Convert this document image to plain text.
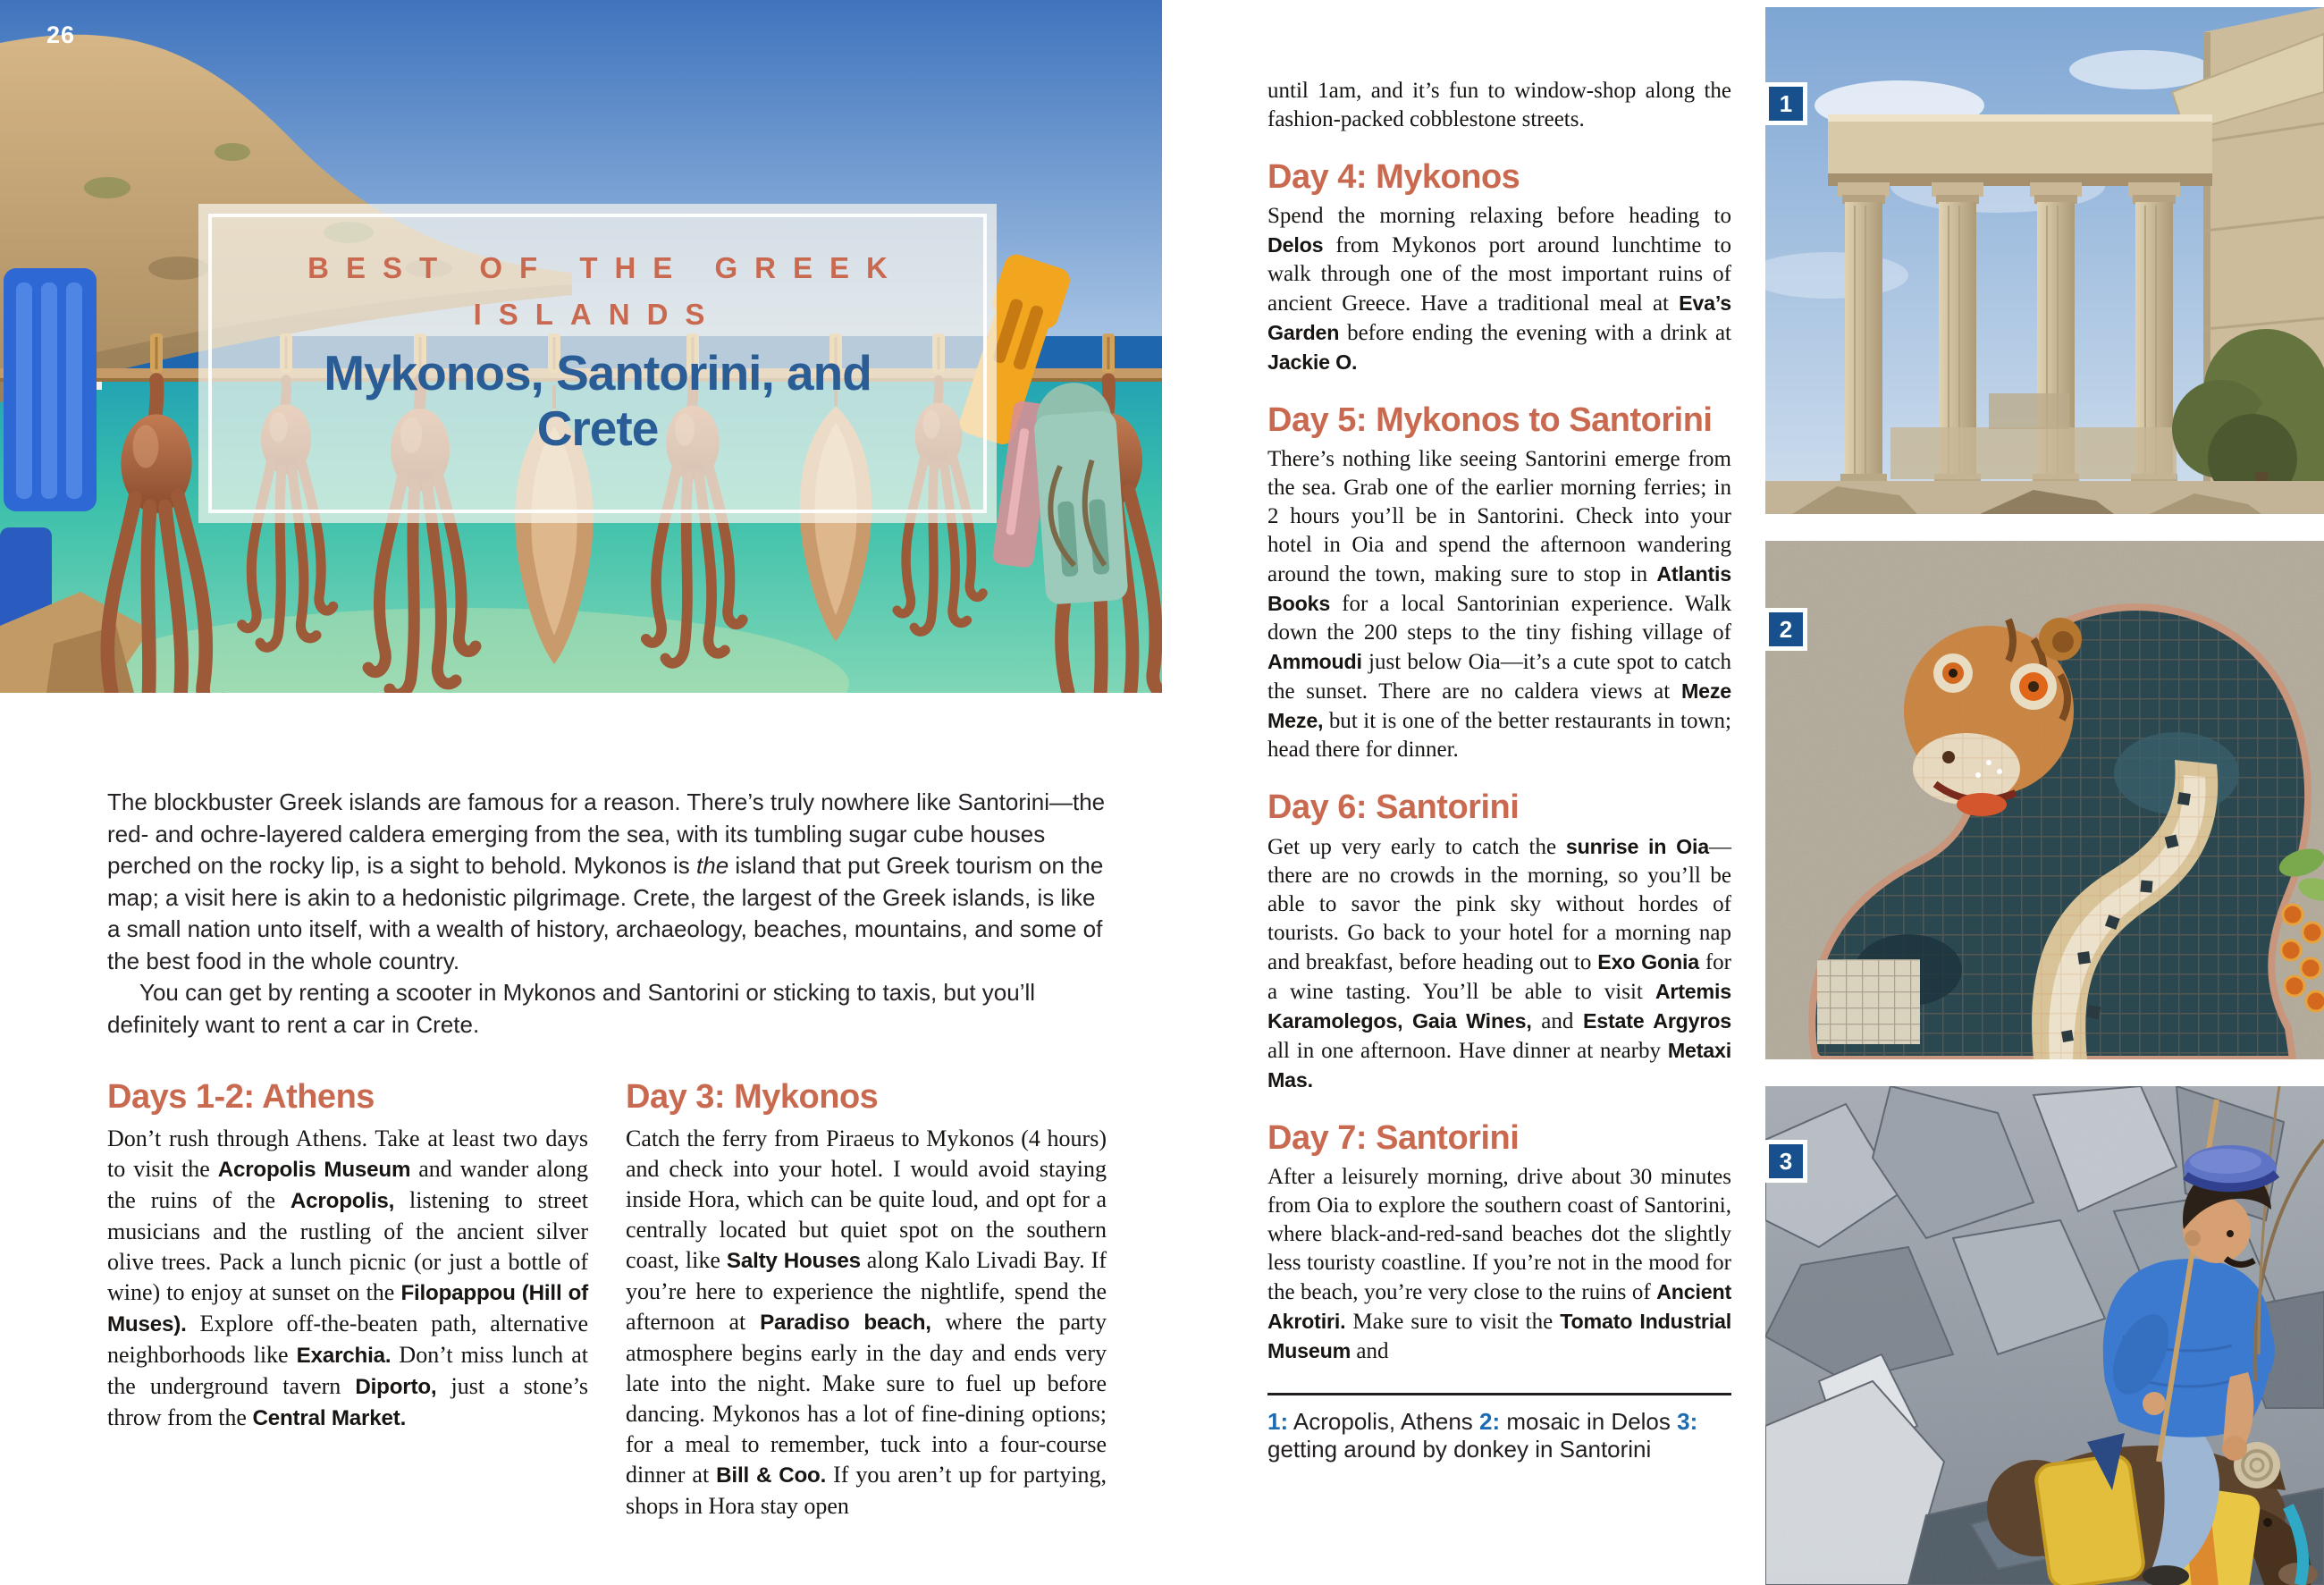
BEST OF THE GREEK ISLANDS
Mykonos, Santorini, and Crete
26

The blockbuster Greek islands are famous for a reason. There’s truly nowhere like Santorini—the red- and ochre-layered caldera emerging from the sea, with its tumbling sugar cube houses perched on the rocky lip, is a sight to behold. Mykonos is the island that put Greek tourism on the map; a visit here is akin to a hedonistic pilgrimage. Crete, the largest of the Greek islands, is like a small nation unto itself, with a wealth of history, archaeology, beaches, mountains, and some of the best food in the whole country.

You can get by renting a scooter in Mykonos and Santorini or sticking to taxis, but you’ll definitely want to rent a car in Crete.

Days 1-2: Athens

Don’t rush through Athens. Take at least two days to visit the Acropolis Museum and wander along the ruins of the Acropolis, listening to street musicians and the rustling of the ancient silver olive trees. Pack a lunch picnic (or just a bottle of wine) to enjoy at sunset on the Filopappou (Hill of Muses). Explore off-the-beaten path, alternative neighborhoods like Exarchia. Don’t miss lunch at the underground tavern Diporto, just a stone’s throw from the Central Market.

Day 3: Mykonos

Catch the ferry from Piraeus to Mykonos (4 hours) and check into your hotel. I would avoid staying inside Hora, which can be quite loud, and opt for a centrally located but quiet spot on the southern coast, like Salty Houses along Kalo Livadi Bay. If you’re here to experience the nightlife, spend the afternoon at Paradiso beach, where the party atmosphere begins early in the day and ends very late into the night. Make sure to fuel up before dancing. Mykonos has a lot of fine-dining options; for a meal to remember, tuck into a four-course dinner at Bill & Coo. If you aren’t up for partying, shops in Hora stay open

until 1am, and it’s fun to window-shop along the fashion-packed cobblestone streets.

Day 4: Mykonos

Spend the morning relaxing before heading to Delos from Mykonos port around lunchtime to walk through one of the most important ruins of ancient Greece. Have a traditional meal at Eva’s Garden before ending the evening with a drink at Jackie O.

Day 5: Mykonos to Santorini

There’s nothing like seeing Santorini emerge from the sea. Grab one of the earlier morning ferries; in 2 hours you’ll be in Santorini. Check into your hotel in Oia and spend the afternoon wandering around the town, making sure to stop in Atlantis Books for a local Santorinian experience. Walk down the 200 steps to the tiny fishing village of Ammoudi just below Oia—it’s a cute spot to catch the sunset. There are no caldera views at Meze Meze, but it is one of the better restaurants in town; head there for dinner.

Day 6: Santorini

Get up very early to catch the sunrise in Oia—there are no crowds in the morning, so you’ll be able to savor the pink sky without hordes of tourists. Go back to your hotel for a morning nap and breakfast, before heading out to Exo Gonia for a wine tasting. You’ll be able to visit Artemis Karamolegos, Gaia Wines, and Estate Argyros all in one afternoon. Have dinner at nearby Metaxi Mas.

Day 7: Santorini

After a leisurely morning, drive about 30 minutes from Oia to explore the southern coast of Santorini, where black-and-red-sand beaches dot the slightly less touristy coastline. If you’re not in the mood for the beach, you’re very close to the ruins of Ancient Akrotiri. Make sure to visit the Tomato Industrial Museum and

1: Acropolis, Athens 2: mosaic in Delos 3: getting around by donkey in Santorini

1
2
3
